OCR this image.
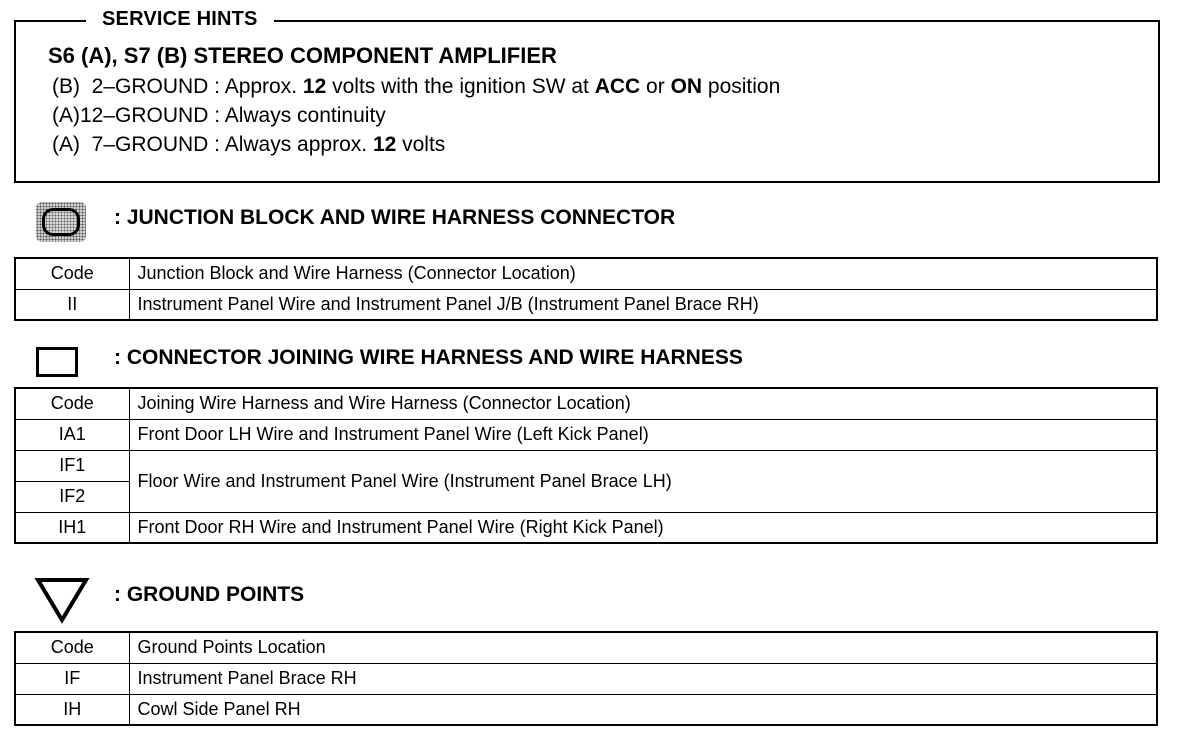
SERVICE HINTS
S6 (A), S7 (B) STEREO COMPONENT AMPLIFIER
(B)  2–GROUND : Approx. 12 volts with the ignition SW at ACC or ON position
(A)12–GROUND : Always continuity
(A)  7–GROUND : Always approx. 12 volts
: JUNCTION BLOCK AND WIRE HARNESS CONNECTOR
Code	Junction Block and Wire Harness (Connector Location)
II	Instrument Panel Wire and Instrument Panel J/B (Instrument Panel Brace RH)
: CONNECTOR JOINING WIRE HARNESS AND WIRE HARNESS
Code	Joining Wire Harness and Wire Harness (Connector Location)
IA1	Front Door LH Wire and Instrument Panel Wire (Left Kick Panel)
IF1	Floor Wire and Instrument Panel Wire (Instrument Panel Brace LH)
IF2	
IH1	Front Door RH Wire and Instrument Panel Wire (Right Kick Panel)
: GROUND POINTS
Code	Ground Points Location
IF	Instrument Panel Brace RH
IH	Cowl Side Panel RH
